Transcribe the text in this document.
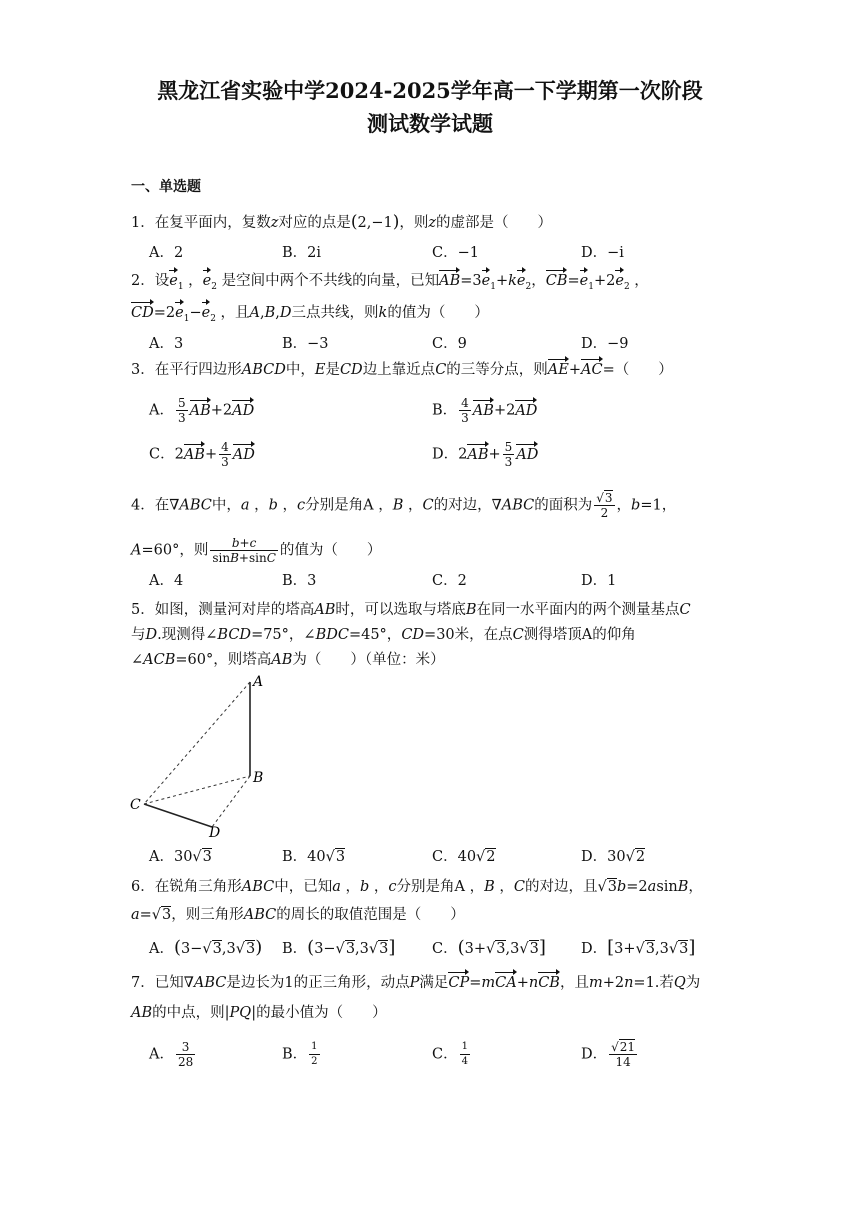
黑龙江省实验中学2024-2025学年高一下学期第一次阶段
测试数学试题
一、单选题
1．在复平面内，复数z对应的点是(2,−1)，则z的虚部是（　　）
A．2	B．2i	C．−1	D．−i
2．设$e_1$ ，$e_2$ 是空间中两个不共线的向量，已知$AB=3e_1+ke_2$，$CB=e_1+2e_2$ ，
$CD=2e_1-e_2$ ，且A,B,D三点共线，则k的值为（　　）
A．3	B．−3	C．9	D．−9
3．在平行四边形ABCD中，E是CD边上靠近点C的三等分点，则AE+AC=（　　）
A． $\frac{5}{3} AB+2AD$	B． $\frac{4}{3} AB+2AD$
C．$2AB+ \frac{4}{3}$ AD	D．$2AB+ \frac{5}{3}$ AD
4．在∇ABC中，a ，b ，c分别是角A ，B ，C的对边，∇ABC的面积为 $\frac{√3}{2}$ ，b=1，
A=60°，则 $\frac{b+c}{\sin B+\sin C}$ 的值为（　　）
A．4	B．3	C．2	D．1
5．如图，测量河对岸的塔高AB时，可以选取与塔底B在同一水平面内的两个测量基点C
与D.现测得∠BCD=75°，∠BDC=45°，CD=30米，在点C测得塔顶A的仰角
∠ACB=60°，则塔高AB为（　　）（单位：米）
A
B
C
D
A．30√3	B．40√3	C．40√2	D．30√2
6．在锐角三角形ABC中，已知a ，b ，c分别是角A ，B ，C的对边，且√3b=2asinB，
a=√3，则三角形ABC的周长的取值范围是（　　）
A．(3−√3,3√3) B．(3−√3,3√3]	C．(3+√3,3√3] D．[3+√3,3√3]
7．已知∇ABC是边长为1的正三角形，动点P满足CP=mCA+nCB，且m+2n=1.若Q为
AB的中点，则|PQ|的最小值为（　　）
A． $\frac{3}{28}$	B． $\frac{1}{2}$	C． $\frac{1}{4}$	D． $\frac{√21}{14}$
